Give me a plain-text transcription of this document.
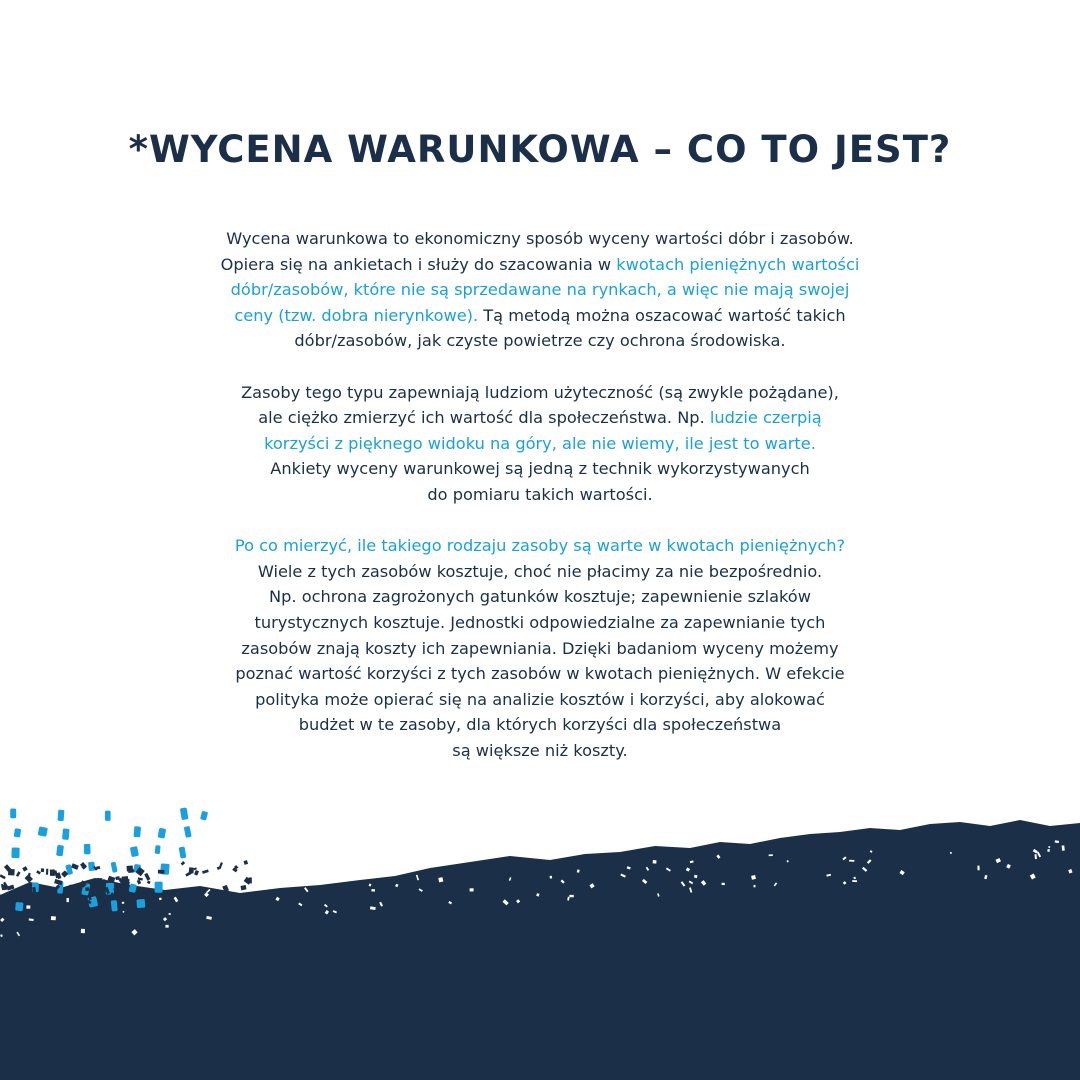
*WYCENA WARUNKOWA – CO TO JEST?

Wycena warunkowa to ekonomiczny sposób wyceny wartości dóbr i zasobów.
Opiera się na ankietach i służy do szacowania w kwotach pieniężnych wartości
dóbr/zasobów, które nie są sprzedawane na rynkach, a więc nie mają swojej
ceny (tzw. dobra nierynkowe). Tą metodą można oszacować wartość takich
dóbr/zasobów, jak czyste powietrze czy ochrona środowiska.

Zasoby tego typu zapewniają ludziom użyteczność (są zwykle pożądane),
ale ciężko zmierzyć ich wartość dla społeczeństwa. Np. ludzie czerpią
korzyści z pięknego widoku na góry, ale nie wiemy, ile jest to warte.
Ankiety wyceny warunkowej są jedną z technik wykorzystywanych
do pomiaru takich wartości.

Po co mierzyć, ile takiego rodzaju zasoby są warte w kwotach pieniężnych?
Wiele z tych zasobów kosztuje, choć nie płacimy za nie bezpośrednio.
Np. ochrona zagrożonych gatunków kosztuje; zapewnienie szlaków
turystycznych kosztuje. Jednostki odpowiedzialne za zapewnianie tych
zasobów znają koszty ich zapewniania. Dzięki badaniom wyceny możemy
poznać wartość korzyści z tych zasobów w kwotach pieniężnych. W efekcie
polityka może opierać się na analizie kosztów i korzyści, aby alokować
budżet w te zasoby, dla których korzyści dla społeczeństwa
są większe niż koszty.
